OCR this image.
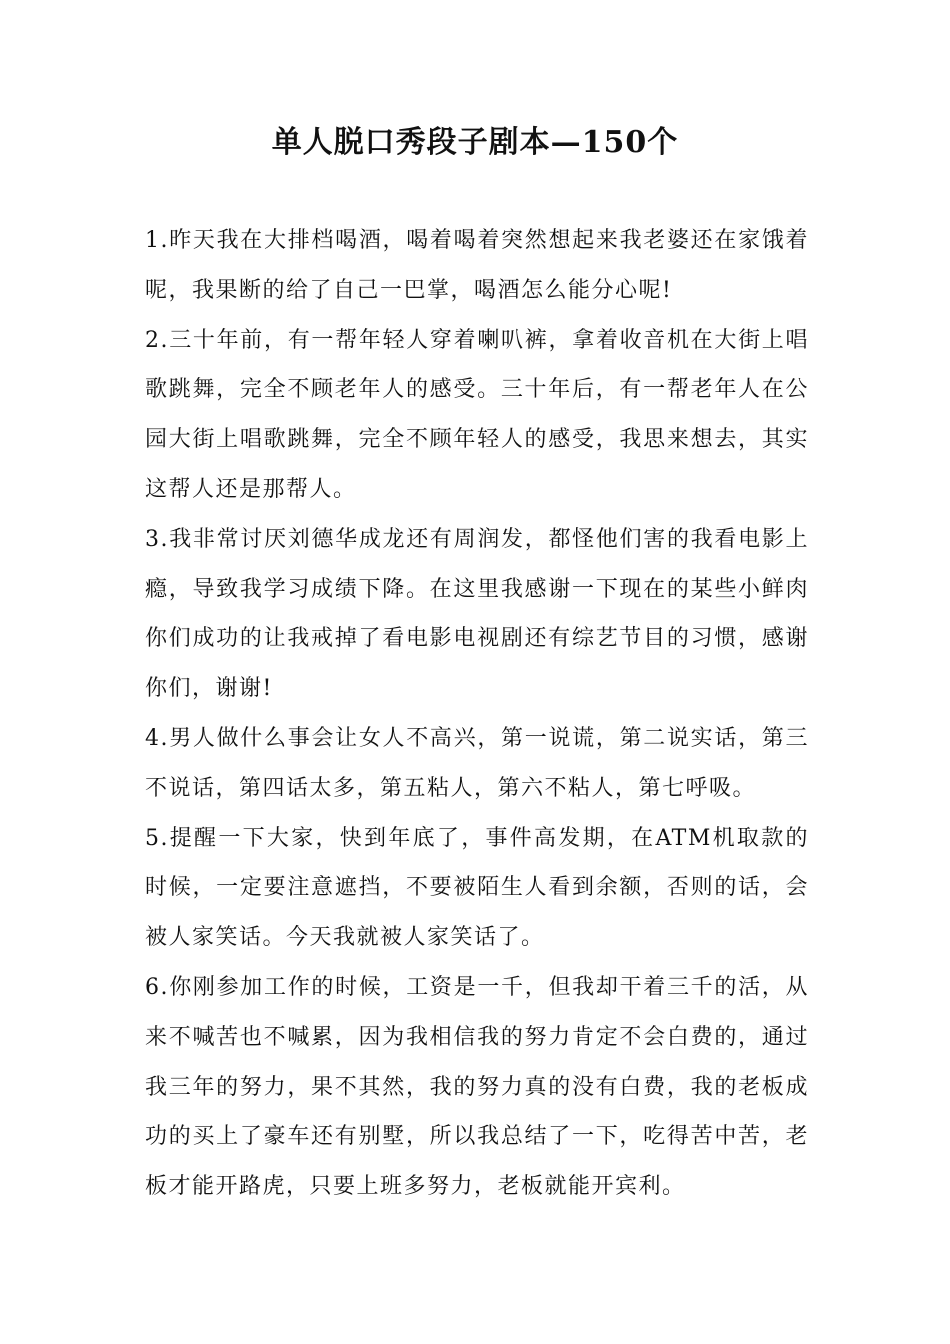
单人脱口秀段子剧本—150个

1.昨天我在大排档喝酒，喝着喝着突然想起来我老婆还在家饿着呢，我果断的给了自己一巴掌，喝酒怎么能分心呢!

2.三十年前，有一帮年轻人穿着喇叭裤，拿着收音机在大街上唱歌跳舞，完全不顾老年人的感受。三十年后，有一帮老年人在公园大街上唱歌跳舞，完全不顾年轻人的感受，我思来想去，其实这帮人还是那帮人。

3.我非常讨厌刘德华成龙还有周润发，都怪他们害的我看电影上瘾，导致我学习成绩下降。在这里我感谢一下现在的某些小鲜肉你们成功的让我戒掉了看电影电视剧还有综艺节目的习惯，感谢你们，谢谢!

4.男人做什么事会让女人不高兴，第一说谎，第二说实话，第三不说话，第四话太多，第五粘人，第六不粘人，第七呼吸。

5.提醒一下大家，快到年底了，事件高发期，在ATM机取款的时候，一定要注意遮挡，不要被陌生人看到余额，否则的话，会被人家笑话。今天我就被人家笑话了。

6.你刚参加工作的时候，工资是一千，但我却干着三千的活，从来不喊苦也不喊累，因为我相信我的努力肯定不会白费的，通过我三年的努力，果不其然，我的努力真的没有白费，我的老板成功的买上了豪车还有别墅，所以我总结了一下，吃得苦中苦，老板才能开路虎，只要上班多努力，老板就能开宾利。
